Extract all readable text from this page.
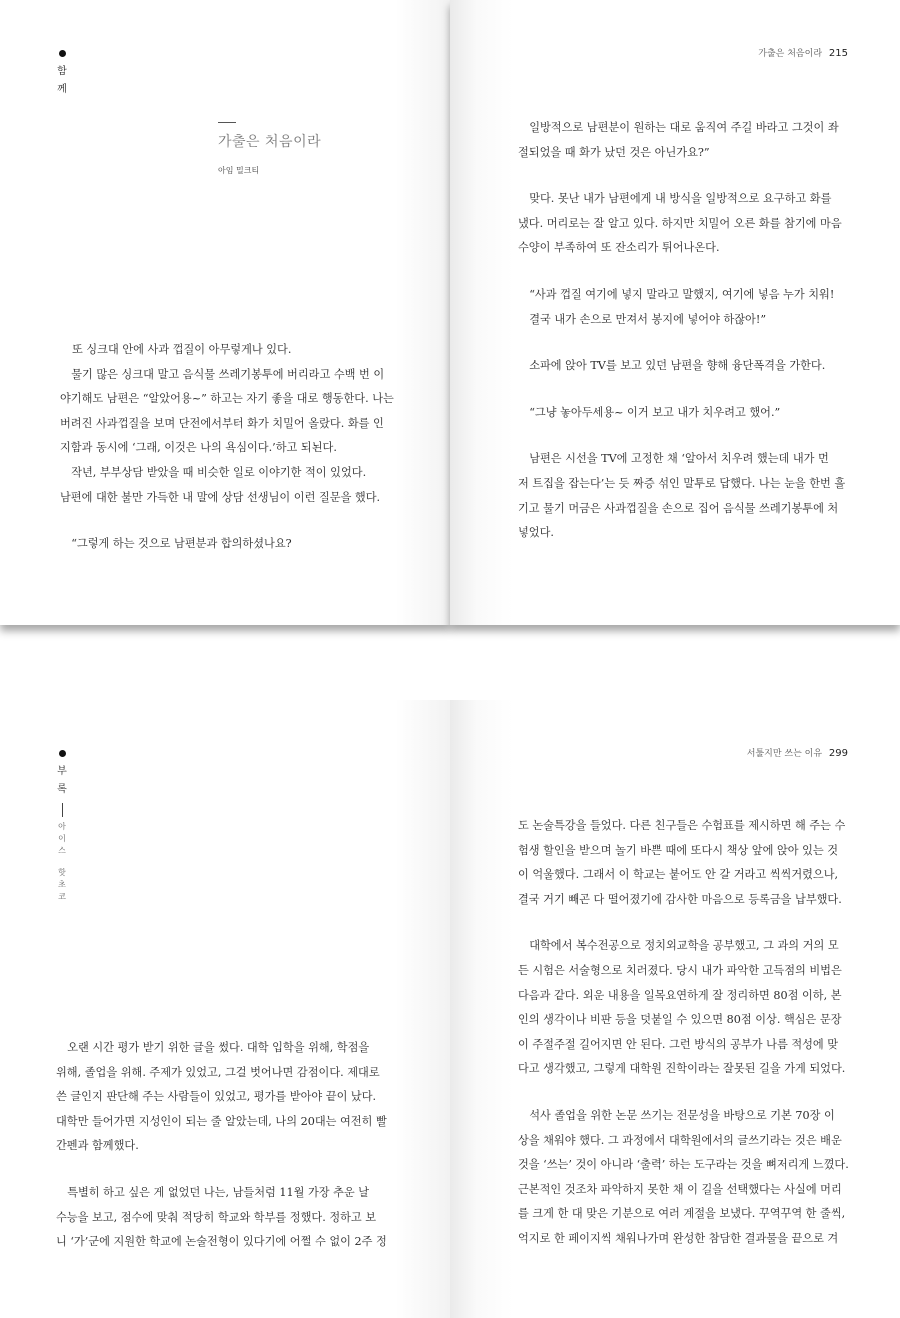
함
께
가출은 처음이라
아임 밀크티

또 싱크대 안에 사과 껍질이 아무렇게나 있다.

물기 많은 싱크대 말고 음식물 쓰레기봉투에 버리라고 수백 번 이

야기해도 남편은 “알았어용~” 하고는 자기 좋을 대로 행동한다. 나는

버려진 사과껍질을 보며 단전에서부터 화가 치밀어 올랐다. 화를 인

지함과 동시에 ‘그래, 이것은 나의 욕심이다.’하고 되뇐다.

작년, 부부상담 받았을 때 비슷한 일로 이야기한 적이 있었다.

남편에 대한 불만 가득한 내 말에 상담 선생님이 이런 질문을 했다.

“그렇게 하는 것으로 남편분과 합의하셨나요?

가출은 처음이라 215

일방적으로 남편분이 원하는 대로 움직여 주길 바라고 그것이 좌

절되었을 때 화가 났던 것은 아닌가요?”

맞다. 못난 내가 남편에게 내 방식을 일방적으로 요구하고 화를

냈다. 머리로는 잘 알고 있다. 하지만 치밀어 오른 화를 참기에 마음

수양이 부족하여 또 잔소리가 튀어나온다.

“사과 껍질 여기에 넣지 말라고 말했지, 여기에 넣음 누가 치워!

결국 내가 손으로 만져서 봉지에 넣어야 하잖아!”

소파에 앉아 TV를 보고 있던 남편을 향해 융단폭격을 가한다.

“그냥 놓아두세용~ 이거 보고 내가 치우려고 했어.”

남편은 시선을 TV에 고정한 채 ‘알아서 치우려 했는데 내가 먼

저 트집을 잡는다’는 듯 짜증 섞인 말투로 답했다. 나는 눈을 한번 흘

기고 물기 머금은 사과껍질을 손으로 집어 음식물 쓰레기봉투에 처

넣었다.

부
록
아
이
스
핫
초
코

오랜 시간 평가 받기 위한 글을 썼다. 대학 입학을 위해, 학점을

위해, 졸업을 위해. 주제가 있었고, 그걸 벗어나면 감점이다. 제대로

쓴 글인지 판단해 주는 사람들이 있었고, 평가를 받아야 끝이 났다.

대학만 들어가면 지성인이 되는 줄 알았는데, 나의 20대는 여전히 빨

간펜과 함께했다.

특별히 하고 싶은 게 없었던 나는, 남들처럼 11월 가장 추운 날

수능을 보고, 점수에 맞춰 적당히 학교와 학부를 정했다. 정하고 보

니 ‘가’군에 지원한 학교에 논술전형이 있다기에 어쩔 수 없이 2주 정

서툴지만 쓰는 이유 299

도 논술특강을 들었다. 다른 친구들은 수험표를 제시하면 해 주는 수

험생 할인을 받으며 놀기 바쁜 때에 또다시 책상 앞에 앉아 있는 것

이 억울했다. 그래서 이 학교는 붙어도 안 갈 거라고 씩씩거렸으나,

결국 거기 빼곤 다 떨어졌기에 감사한 마음으로 등록금을 납부했다.

대학에서 복수전공으로 정치외교학을 공부했고, 그 과의 거의 모

든 시험은 서술형으로 치러졌다. 당시 내가 파악한 고득점의 비법은

다음과 같다. 외운 내용을 일목요연하게 잘 정리하면 80점 이하, 본

인의 생각이나 비판 등을 덧붙일 수 있으면 80점 이상. 핵심은 문장

이 주절주절 길어지면 안 된다. 그런 방식의 공부가 나름 적성에 맞

다고 생각했고, 그렇게 대학원 진학이라는 잘못된 길을 가게 되었다.

석사 졸업을 위한 논문 쓰기는 전문성을 바탕으로 기본 70장 이

상을 채워야 했다. 그 과정에서 대학원에서의 글쓰기라는 것은 배운

것을 ‘쓰는’ 것이 아니라 ‘출력’ 하는 도구라는 것을 뼈저리게 느꼈다.

근본적인 것조차 파악하지 못한 채 이 길을 선택했다는 사실에 머리

를 크게 한 대 맞은 기분으로 여러 계절을 보냈다. 꾸역꾸역 한 줄씩,

억지로 한 페이지씩 채워나가며 완성한 참담한 결과물을 끝으로 겨
